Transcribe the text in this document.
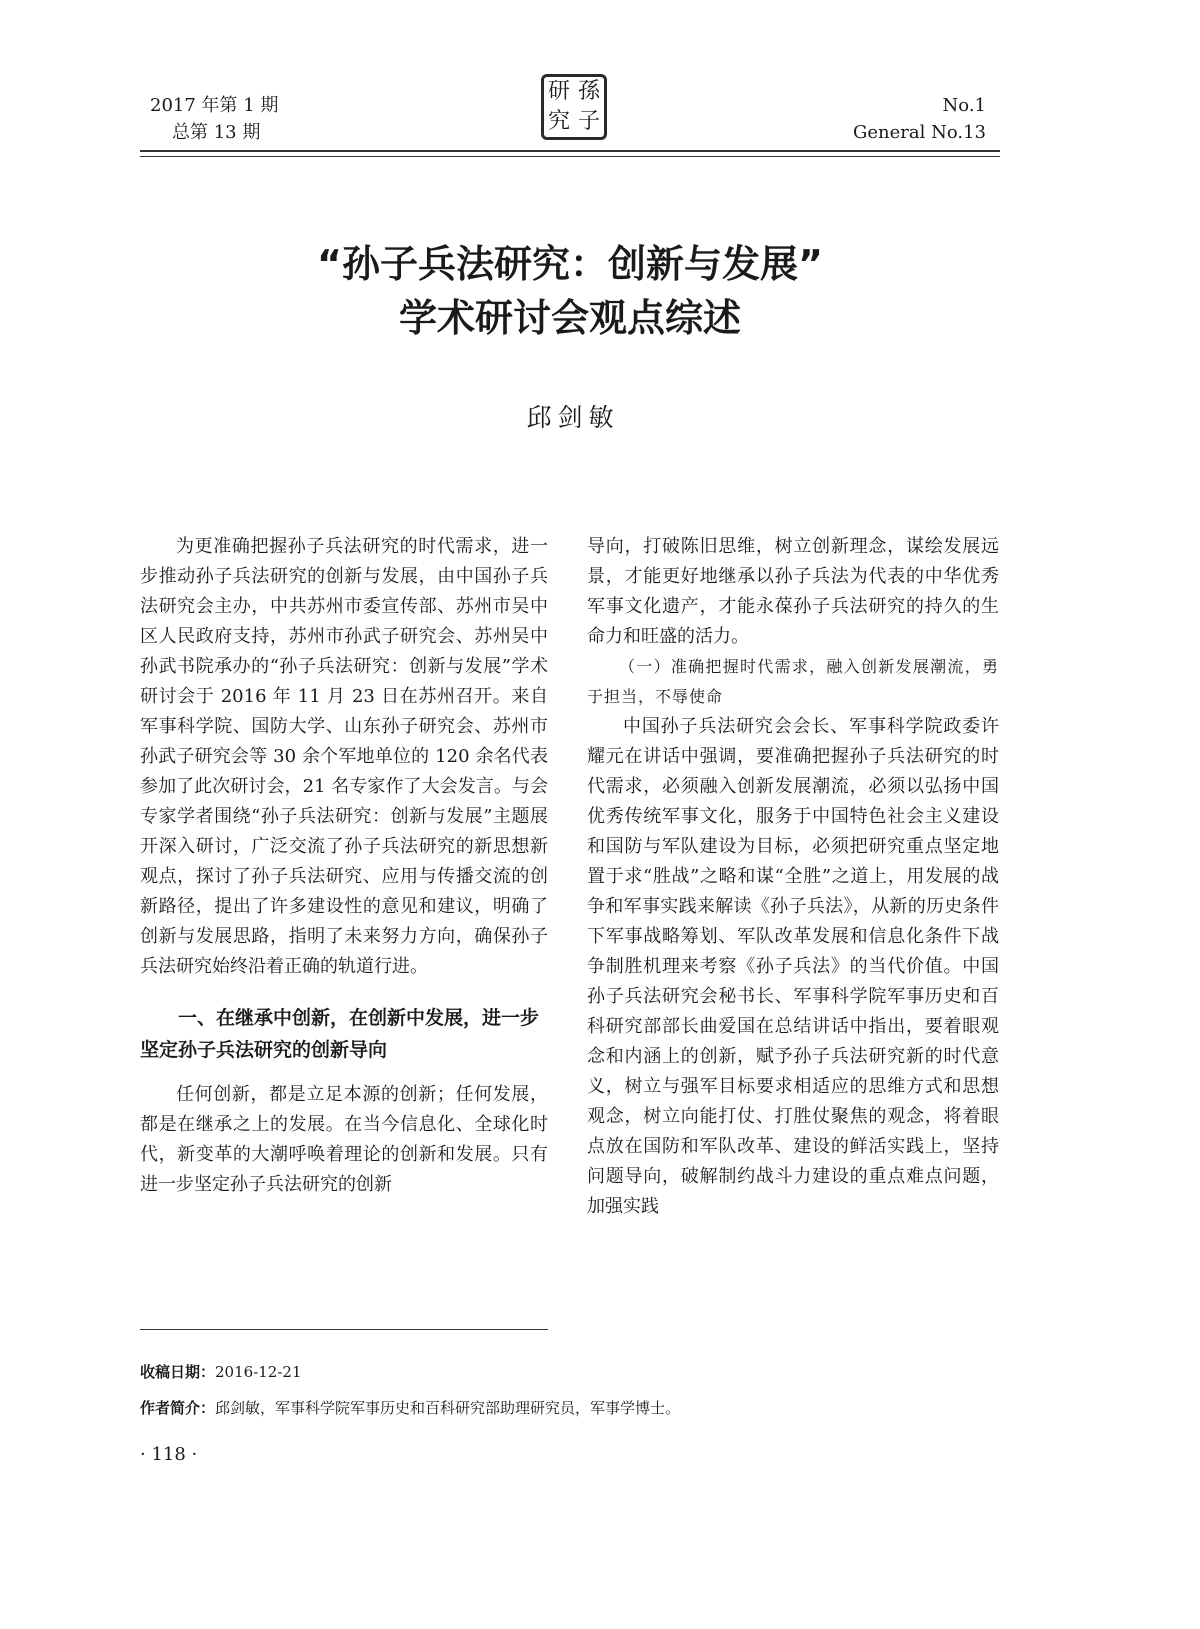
2017 年第 1 期
总第 13 期
研 孫
究 子
No.1
General No.13
“孙子兵法研究：创新与发展”
学术研讨会观点综述
邱剑敏

为更准确把握孙子兵法研究的时代需求，进一步推动孙子兵法研究的创新与发展，由中国孙子兵法研究会主办，中共苏州市委宣传部、苏州市吴中区人民政府支持，苏州市孙武子研究会、苏州吴中孙武书院承办的“孙子兵法研究：创新与发展”学术研讨会于 2016 年 11 月 23 日在苏州召开。来自军事科学院、国防大学、山东孙子研究会、苏州市孙武子研究会等 30 余个军地单位的 120 余名代表参加了此次研讨会，21 名专家作了大会发言。与会专家学者围绕“孙子兵法研究：创新与发展”主题展开深入研讨，广泛交流了孙子兵法研究的新思想新观点，探讨了孙子兵法研究、应用与传播交流的创新路径，提出了许多建设性的意见和建议，明确了创新与发展思路，指明了未来努力方向，确保孙子兵法研究始终沿着正确的轨道行进。

一、在继承中创新，在创新中发展，进一步坚定孙子兵法研究的创新导向

任何创新，都是立足本源的创新；任何发展，都是在继承之上的发展。在当今信息化、全球化时代，新变革的大潮呼唤着理论的创新和发展。只有进一步坚定孙子兵法研究的创新

导向，打破陈旧思维，树立创新理念，谋绘发展远景，才能更好地继承以孙子兵法为代表的中华优秀军事文化遗产，才能永葆孙子兵法研究的持久的生命力和旺盛的活力。

（一）准确把握时代需求，融入创新发展潮流，勇于担当，不辱使命

中国孙子兵法研究会会长、军事科学院政委许耀元在讲话中强调，要准确把握孙子兵法研究的时代需求，必须融入创新发展潮流，必须以弘扬中国优秀传统军事文化，服务于中国特色社会主义建设和国防与军队建设为目标，必须把研究重点坚定地置于求“胜战”之略和谋“全胜”之道上，用发展的战争和军事实践来解读《孙子兵法》，从新的历史条件下军事战略筹划、军队改革发展和信息化条件下战争制胜机理来考察《孙子兵法》的当代价值。中国孙子兵法研究会秘书长、军事科学院军事历史和百科研究部部长曲爱国在总结讲话中指出，要着眼观念和内涵上的创新，赋予孙子兵法研究新的时代意义，树立与强军目标要求相适应的思维方式和思想观念，树立向能打仗、打胜仗聚焦的观念，将着眼点放在国防和军队改革、建设的鲜活实践上，坚持问题导向，破解制约战斗力建设的重点难点问题，加强实践

收稿日期：2016-12-21
作者简介：邱剑敏，军事科学院军事历史和百科研究部助理研究员，军事学博士。
· 118 ·
